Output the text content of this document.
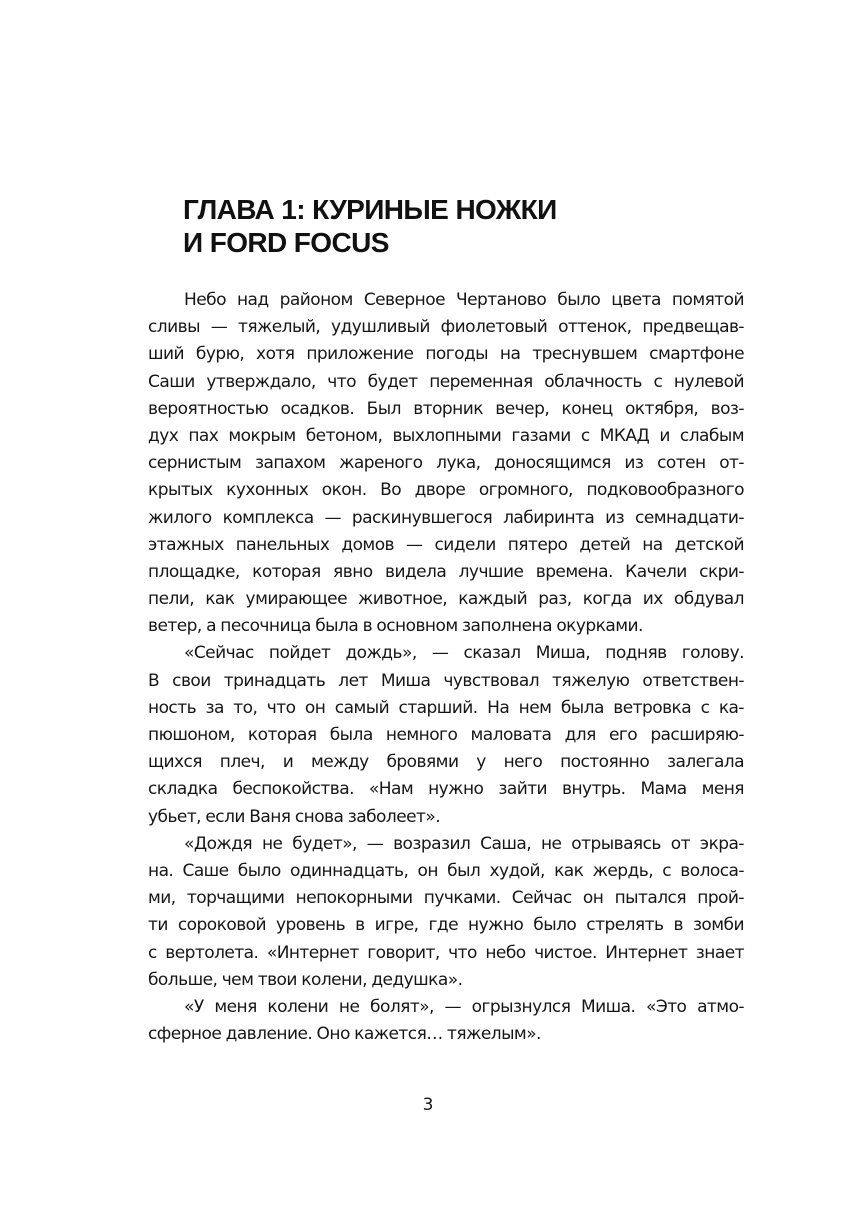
ГЛАВА 1: КУРИНЫЕ НОЖКИ
И FORD FOCUS

Небо над районом Северное Чертаново было цвета помятой
сливы — тяжелый, удушливый фиолетовый оттенок, предвещав-
ший бурю, хотя приложение погоды на треснувшем смартфоне
Саши утверждало, что будет переменная облачность с нулевой
вероятностью осадков. Был вторник вечер, конец октября, воз-
дух пах мокрым бетоном, выхлопными газами с МКАД и слабым
сернистым запахом жареного лука, доносящимся из сотен от-
крытых кухонных окон. Во дворе огромного, подковообразного
жилого комплекса — раскинувшегося лабиринта из семнадцати-
этажных панельных домов — сидели пятеро детей на детской
площадке, которая явно видела лучшие времена. Качели скри-
пели, как умирающее животное, каждый раз, когда их обдувал
ветер, а песочница была в основном заполнена окурками.

«Сейчас пойдет дождь», — сказал Миша, подняв голову.
В свои тринадцать лет Миша чувствовал тяжелую ответствен-
ность за то, что он самый старший. На нем была ветровка с ка-
пюшоном, которая была немного маловата для его расширяю-
щихся плеч, и между бровями у него постоянно залегала
складка беспокойства. «Нам нужно зайти внутрь. Мама меня
убьет, если Ваня снова заболеет».

«Дождя не будет», — возразил Саша, не отрываясь от экра-
на. Саше было одиннадцать, он был худой, как жердь, с волоса-
ми, торчащими непокорными пучками. Сейчас он пытался прой-
ти сороковой уровень в игре, где нужно было стрелять в зомби
с вертолета. «Интернет говорит, что небо чистое. Интернет знает
больше, чем твои колени, дедушка».

«У меня колени не болят», — огрызнулся Миша. «Это атмо-
сферное давление. Оно кажется… тяжелым».

3
